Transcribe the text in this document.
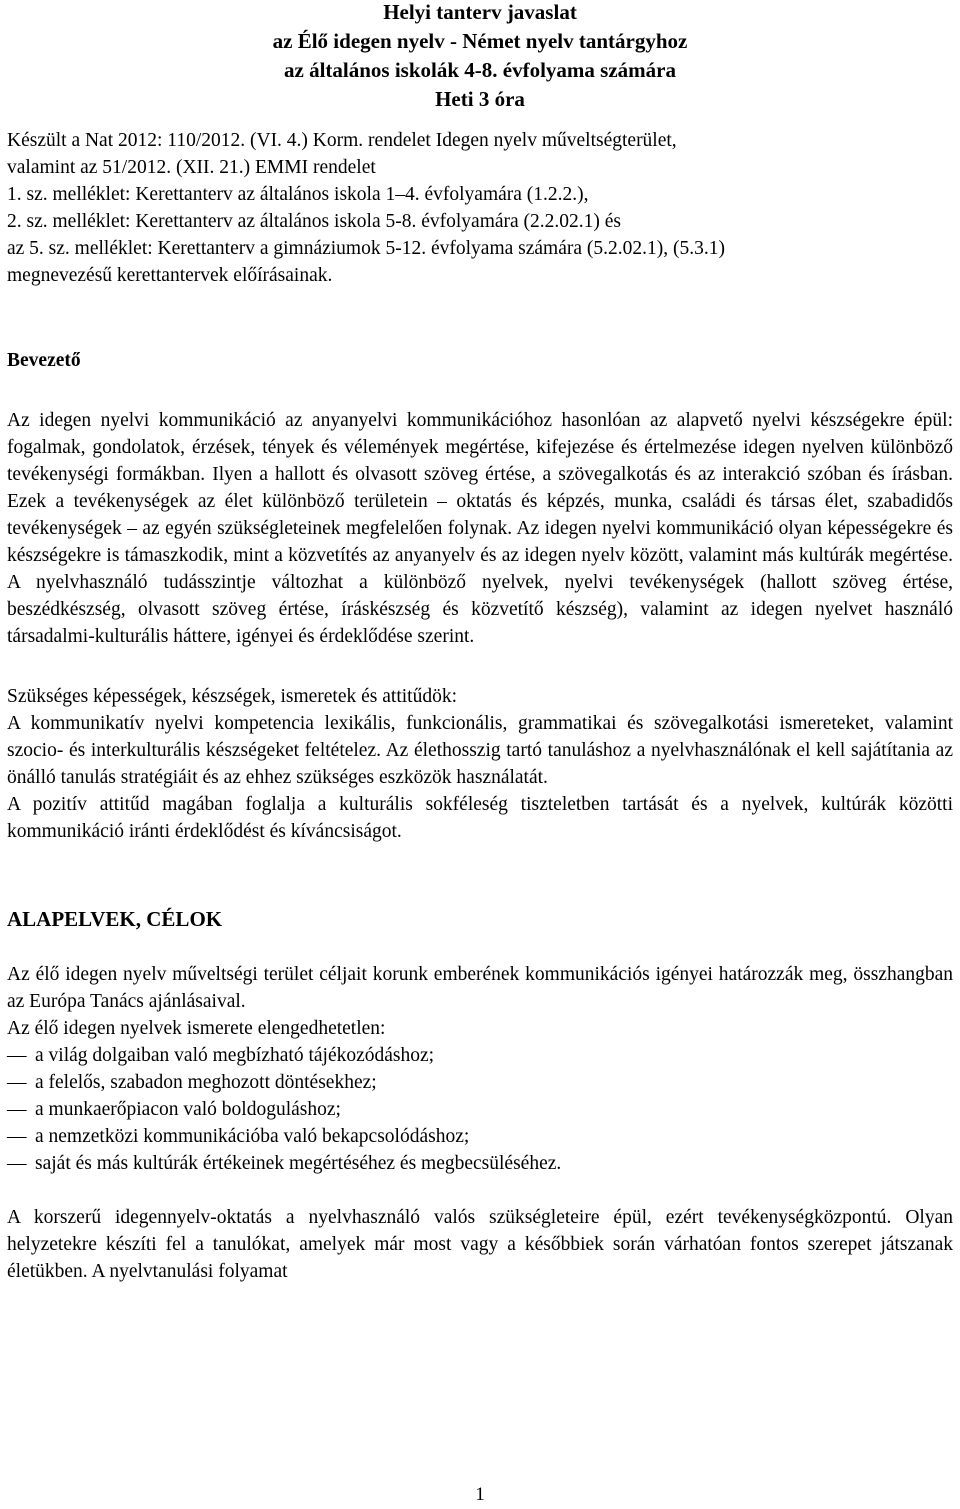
Helyi tanterv javaslat
az Élő idegen nyelv - Német nyelv tantárgyhoz
az általános iskolák 4-8. évfolyama számára
Heti 3 óra
Készült a Nat 2012: 110/2012. (VI. 4.) Korm. rendelet Idegen nyelv műveltségterület,
valamint az 51/2012. (XII. 21.) EMMI rendelet
1. sz. melléklet: Kerettanterv az általános iskola 1–4. évfolyamára (1.2.2.),
2. sz. melléklet: Kerettanterv az általános iskola 5-8. évfolyamára (2.2.02.1) és
az 5. sz. melléklet: Kerettanterv a gimnáziumok 5-12. évfolyama számára (5.2.02.1), (5.3.1)
megnevezésű kerettantervek előírásainak.
Bevezető

Az idegen nyelvi kommunikáció az anyanyelvi kommunikációhoz hasonlóan az alapvető nyelvi készségekre épül: fogalmak, gondolatok, érzések, tények és vélemények megértése, kifejezése és értelmezése idegen nyelven különböző tevékenységi formákban. Ilyen a hallott és olvasott szöveg értése, a szövegalkotás és az interakció szóban és írásban. Ezek a tevékenységek az élet különböző területein – oktatás és képzés, munka, családi és társas élet, szabadidős tevékenységek – az egyén szükségleteinek megfelelően folynak. Az idegen nyelvi kommunikáció olyan képességekre és készségekre is támaszkodik, mint a közvetítés az anyanyelv és az idegen nyelv között, valamint más kultúrák megértése. A nyelvhasználó tudásszintje változhat a különböző nyelvek, nyelvi tevékenységek (hallott szöveg értése, beszédkészség, olvasott szöveg értése, íráskészség és közvetítő készség), valamint az idegen nyelvet használó társadalmi-kulturális háttere, igényei és érdeklődése szerint.

Szükséges képességek, készségek, ismeretek és attitűdök:

A kommunikatív nyelvi kompetencia lexikális, funkcionális, grammatikai és szövegalkotási ismereteket, valamint szocio- és interkulturális készségeket feltételez. Az élethosszig tartó tanuláshoz a nyelvhasználónak el kell sajátítania az önálló tanulás stratégiáit és az ehhez szükséges eszközök használatát.

A pozitív attitűd magában foglalja a kulturális sokféleség tiszteletben tartását és a nyelvek, kultúrák közötti kommunikáció iránti érdeklődést és kíváncsiságot.

ALAPELVEK, CÉLOK

Az élő idegen nyelv műveltségi terület céljait korunk emberének kommunikációs igényei határozzák meg, összhangban az Európa Tanács ajánlásaival.

Az élő idegen nyelvek ismerete elengedhetetlen:

— a világ dolgaiban való megbízható tájékozódáshoz;
— a felelős, szabadon meghozott döntésekhez;
— a munkaerőpiacon való boldoguláshoz;
— a nemzetközi kommunikációba való bekapcsolódáshoz;
— saját és más kultúrák értékeinek megértéséhez és megbecsüléséhez.

A korszerű idegennyelv-oktatás a nyelvhasználó valós szükségleteire épül, ezért tevékenységközpontú. Olyan helyzetekre készíti fel a tanulókat, amelyek már most vagy a későbbiek során várhatóan fontos szerepet játszanak életükben. A nyelvtanulási folyamat

1
